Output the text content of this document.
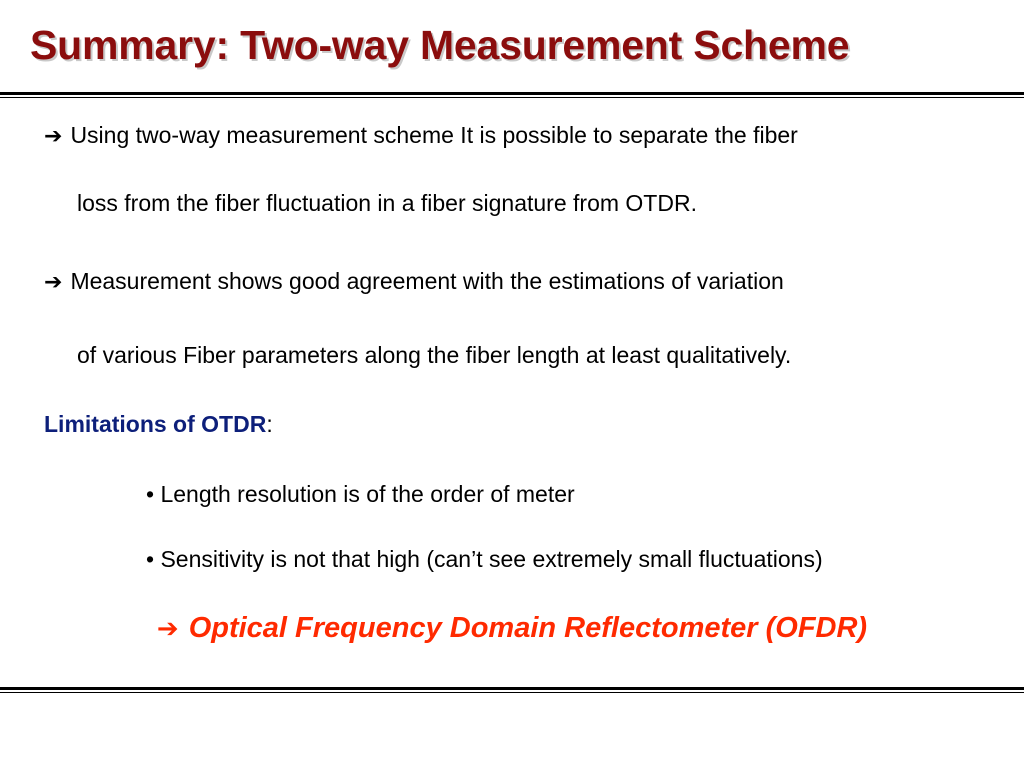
Summary: Two-way Measurement Scheme

➔ Using two-way measurement scheme It is possible to separate the fiber

loss from the fiber fluctuation in a fiber signature from OTDR.

➔ Measurement shows good agreement with the estimations of variation

of various Fiber parameters along the fiber length at least qualitatively.

Limitations of OTDR:

• Length resolution is of the order of meter

• Sensitivity is not that high (can’t see extremely small fluctuations)

➔ Optical Frequency Domain Reflectometer (OFDR)
